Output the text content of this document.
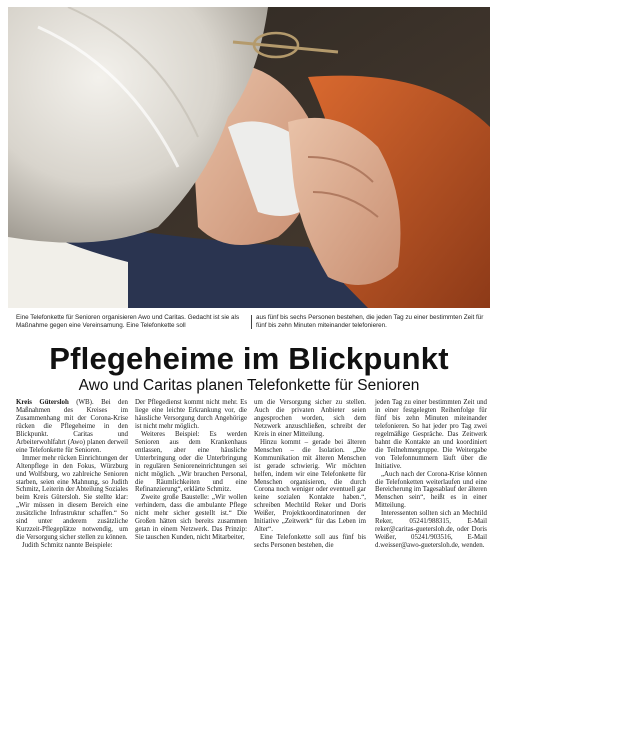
Eine Telefonkette für Senioren organisieren Awo und Caritas. Gedacht ist sie als Maßnahme gegen eine Vereinsamung. Eine Telefonkette soll
aus fünf bis sechs Personen bestehen, die jeden Tag zu einer bestimmten Zeit für fünf bis zehn Minuten miteinander telefonieren.
Pflegeheime im Blickpunkt
Awo und Caritas planen Telefonkette für Senioren

Kreis Gütersloh (WB). Bei den Maßnahmen des Kreises im Zusammenhang mit der Corona-Krise rücken die Pflegeheime in den Blickpunkt. Caritas und Arbeiterwohlfahrt (Awo) planen derweil eine Telefonkette für Senioren.

Immer mehr rücken Einrichtungen der Altenpflege in den Fokus, Würzburg und Wolfsburg, wo zahlreiche Senioren starben, seien eine Mahnung, so Judith Schmitz, Leiterin der Abteilung Soziales beim Kreis Gütersloh. Sie stellte klar: „Wir müssen in diesem Bereich eine zusätzliche Infrastruktur schaffen.“ So sind unter anderem zusätzliche Kurzzeit-Pflegeplätze notwendig, um die Versorgung sicher stellen zu können.

Judith Schmitz nannte Beispiele:

Der Pflegedienst kommt nicht mehr. Es liege eine leichte Erkrankung vor, die häusliche Versorgung durch Angehörige ist nicht mehr möglich.

Weiteres Beispiel: Es werden Senioren aus dem Krankenhaus entlassen, aber eine häusliche Unterbringung oder die Unterbringung in regulären Senioreneinrichtungen sei nicht möglich. „Wir brauchen Personal, die Räumlichkeiten und eine Refinanzierung“, erklärte Schmitz.

Zweite große Baustelle: „Wir wollen verhindern, dass die ambulante Pflege nicht mehr sicher gestellt ist.“ Die Großen hätten sich bereits zusammen getan in einem Netzwerk. Das Prinzip: Sie tauschen Kunden, nicht Mitarbeiter,

um die Versorgung sicher zu stellen. Auch die privaten Anbieter seien angesprochen worden, sich dem Netzwerk anzuschließen, schreibt der Kreis in einer Mitteilung.

Hinzu kommt – gerade bei älteren Menschen – die Isolation. „Die Kommunikation mit älteren Menschen ist gerade schwierig. Wir möchten helfen, indem wir eine Telefonkette für Menschen organisieren, die durch Corona noch weniger oder eventuell gar keine sozialen Kontakte haben.“, schreiben Mechtild Reker und Doris Weißer, Projektkoordinatorinnen der Initiative „Zeitwerk“ für das Leben im Alter“.

Eine Telefonkette soll aus fünf bis sechs Personen bestehen, die

jeden Tag zu einer bestimmten Zeit und in einer festgelegten Reihenfolge für fünf bis zehn Minuten miteinander telefonieren. So hat jeder pro Tag zwei regelmäßige Gespräche. Das Zeitwerk bahnt die Kontakte an und koordiniert die Teilnehmergruppe. Die Weitergabe von Telefonnummern läuft über die Initiative.

„Auch nach der Corona-Krise können die Telefonketten weiterlaufen und eine Bereicherung im Tagesablauf der älteren Menschen sein“, heißt es in einer Mitteilung.

Interessenten sollten sich an Mechtild Reker, 05241/988315, E-Mail reker@caritas-guetersloh.de, oder Doris Weißer, 05241/903516, E-Mail d.weisser@awo-guetersloh.de, wenden.
